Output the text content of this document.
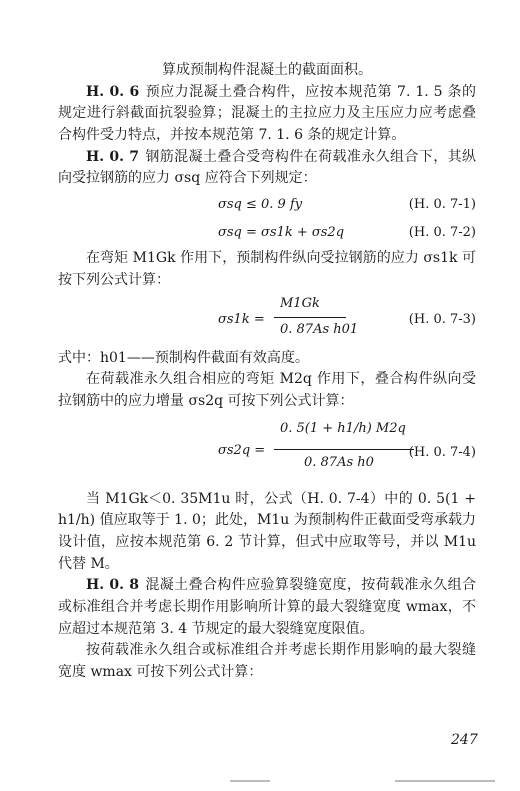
算成预制构件混凝土的截面面积。

H. 0. 6 预应力混凝土叠合构件，应按本规范第 7. 1. 5 条的规定进行斜截面抗裂验算；混凝土的主拉应力及主压应力应考虑叠合构件受力特点，并按本规范第 7. 1. 6 条的规定计算。

H. 0. 7 钢筋混凝土叠合受弯构件在荷载准永久组合下，其纵向受拉钢筋的应力 σsq 应符合下列规定：

σsq ≤ 0. 9 fy	(H. 0. 7-1)
σsq = σs1k + σs2q	(H. 0. 7-2)

在弯矩 M1Gk 作用下，预制构件纵向受拉钢筋的应力 σs1k 可按下列公式计算：

σs1k =
M1Gk
0. 87As h01
(H. 0. 7-3)

式中：h01——预制构件截面有效高度。

在荷载准永久组合相应的弯矩 M2q 作用下，叠合构件纵向受拉钢筋中的应力增量 σs2q 可按下列公式计算：

σs2q =
0. 5(1 + h1/h) M2q
0. 87As h0
(H. 0. 7-4)

当 M1Gk＜0. 35M1u 时，公式（H. 0. 7-4）中的 0. 5(1 + h1/h) 值应取等于 1. 0；此处，M1u 为预制构件正截面受弯承载力设计值，应按本规范第 6. 2 节计算，但式中应取等号，并以 M1u 代替 M。

H. 0. 8 混凝土叠合构件应验算裂缝宽度，按荷载准永久组合或标准组合并考虑长期作用影响所计算的最大裂缝宽度 wmax，不应超过本规范第 3. 4 节规定的最大裂缝宽度限值。

按荷载准永久组合或标准组合并考虑长期作用影响的最大裂缝宽度 wmax 可按下列公式计算：

247
